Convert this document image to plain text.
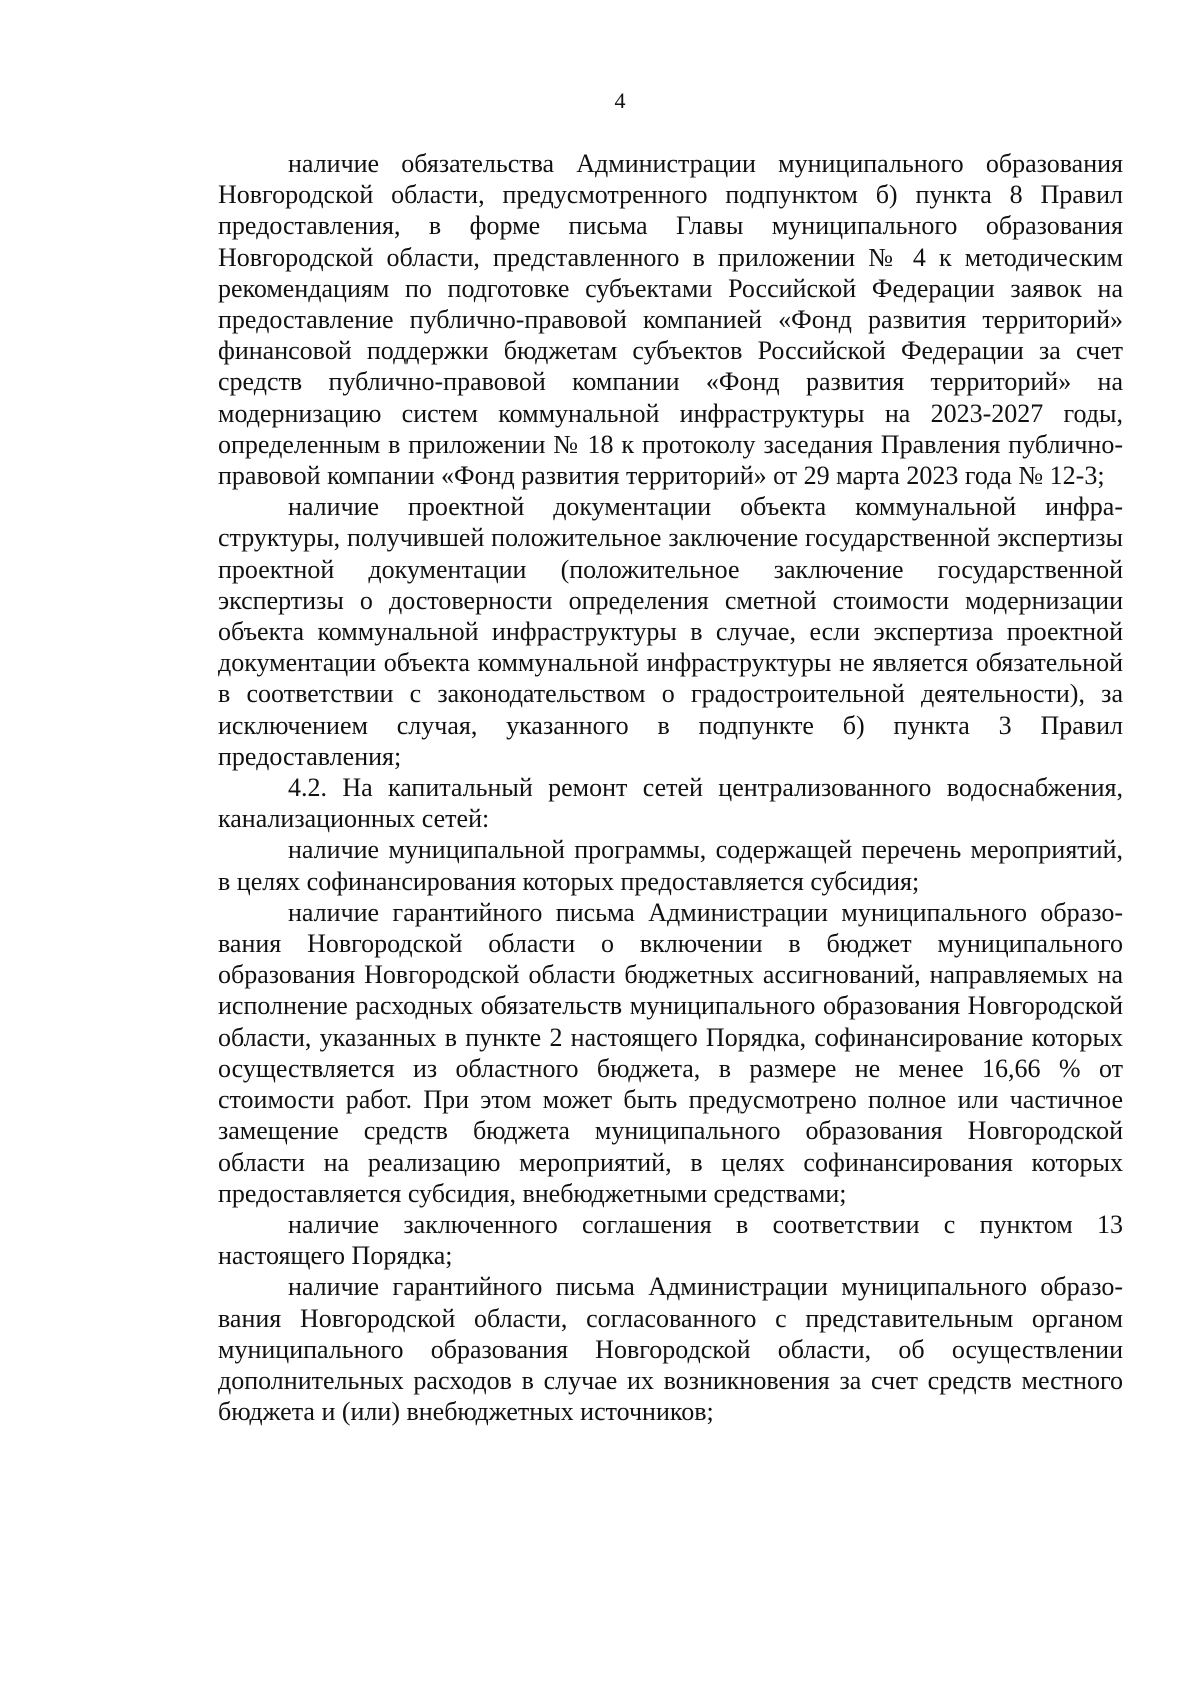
4

наличие обязательства Администрации муниципального образования Новгородской области, предусмотренного подпунктом б) пункта 8 Правил предоставления, в форме письма Главы муниципального образования Новгородской области, представленного в приложении № 4 к методическим рекомендациям по подготовке субъектами Российской Федерации заявок на предоставление публично-правовой компанией «Фонд развития территорий» финансовой поддержки бюджетам субъектов Российской Федерации за счет средств публично-правовой компании «Фонд развития территорий» на модернизацию систем коммунальной инфраструктуры на 2023-2027 годы, определенным в приложении № 18 к протоколу заседания Правления публично-правовой компании «Фонд развития территорий» от 29 марта 2023 года № 12-3;

наличие проектной документации объекта коммунальной инфраструктуры, получившей положительное заключение государственной экспертизы проектной документации (положительное заключение государственной экспертизы о достоверности определения сметной стоимости модернизации объекта коммунальной инфраструктуры в случае, если экспертиза проектной документации объекта коммунальной инфраструктуры не является обязательной в соответствии с законодательством о градостроительной деятельности), за исключением случая, указанного в подпункте б) пункта 3 Правил предоставления;

4.2. На капитальный ремонт сетей централизованного водоснабжения, канализационных сетей:

наличие муниципальной программы, содержащей перечень мероприятий, в целях софинансирования которых предоставляется субсидия;

наличие гарантийного письма Администрации муниципального образования Новгородской области о включении в бюджет муниципального образования Новгородской области бюджетных ассигнований, направляемых на исполнение расходных обязательств муниципального образования Новгородской области, указанных в пункте 2 настоящего Порядка, софинансирование которых осуществляется из областного бюджета, в размере не менее 16,66 % от стоимости работ. При этом может быть предусмотрено полное или частичное замещение средств бюджета муниципального образования Новгородской области на реализацию мероприятий, в целях софинансирования которых предоставляется субсидия, внебюджетными средствами;

наличие заключенного соглашения в соответствии с пунктом 13 настоящего Порядка;

наличие гарантийного письма Администрации муниципального образования Новгородской области, согласованного с представительным органом муниципального образования Новгородской области, об осуществлении дополнительных расходов в случае их возникновения за счет средств местного бюджета и (или) внебюджетных источников;
